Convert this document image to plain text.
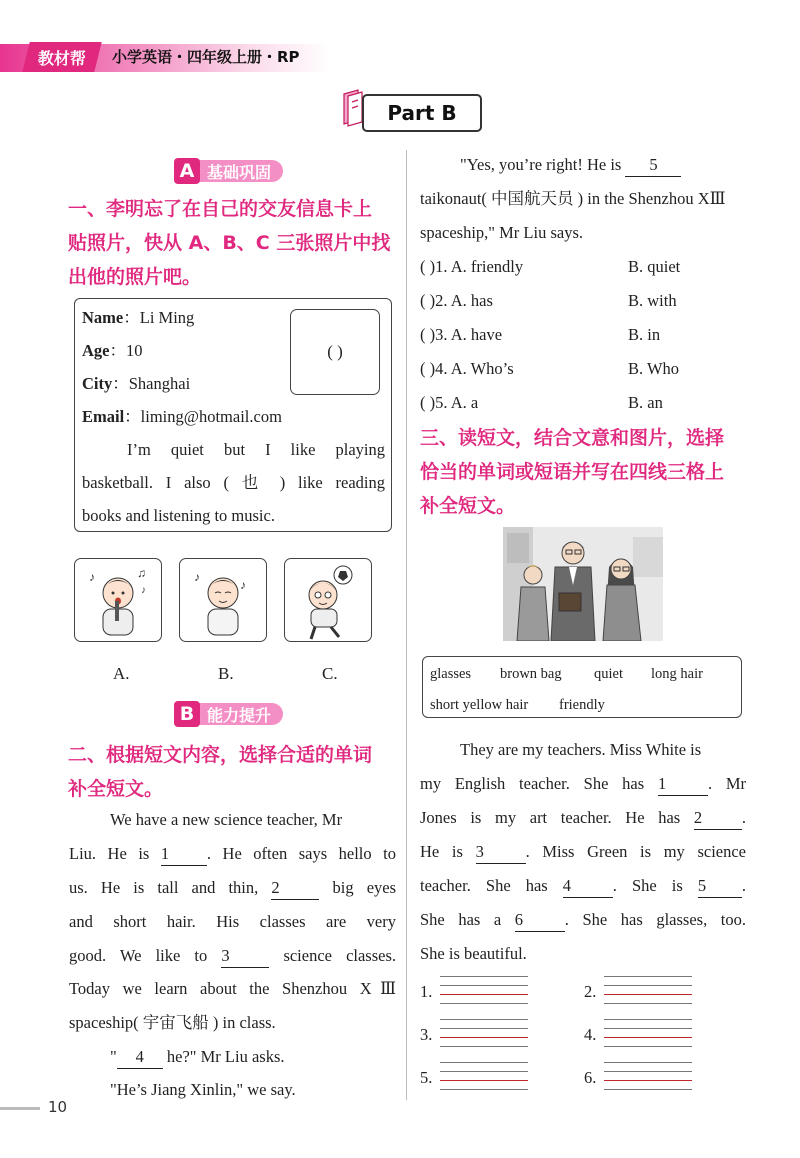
教材帮 小学英语・四年级上册・RP
Part B
A 基础巩固
一、李明忘了在自己的交友信息卡上
贴照片，快从 A、B、C 三张照片中找
出他的照片吧。
( )
Name：Li Ming
Age：10
City：Shanghai
Email：liming@hotmail.com
I’m quiet but I like playing
basketball. I also ( 也 ) like reading
books and listening to music.
♪	♫
♪
♪
♪
A.	B.	C.
B 能力提升
二、根据短文内容，选择合适的单词
补全短文。
We have a new science teacher, Mr
Liu. He is 1 . He often says hello to
us. He is tall and thin, 2	big eyes
and short hair. His classes are very
good. We like to 3	science classes.
Today we learn about the Shenzhou XⅢ
spaceship( 宇宙飞船 ) in class.
" 4 he?" Mr Liu asks.
"He’s Jiang Xinlin," we say.
"Yes, you’re right! He is 5
taikonaut( 中国航天员 ) in the Shenzhou XⅢ
spaceship," Mr Liu says.
( )1. A. friendly	B. quiet
( )2. A. has	B. with
( )3. A. have	B. in
( )4. A. Who’s	B. Who
( )5. A. a	B. an
三、读短文，结合文意和图片，选择
恰当的单词或短语并写在四线三格上
补全短文。
glasses brown bag quiet long hair
short yellow hair friendly
They are my teachers. Miss White is
my English teacher. She has 1	. Mr
Jones is my art teacher. He has 2 .
He is 3	. Miss Green is my science
teacher. She has 4	. She is 5 .
She has a 6	. She has glasses, too.
She is beautiful.
1.	2.
3.	4.
5.	6.
10
